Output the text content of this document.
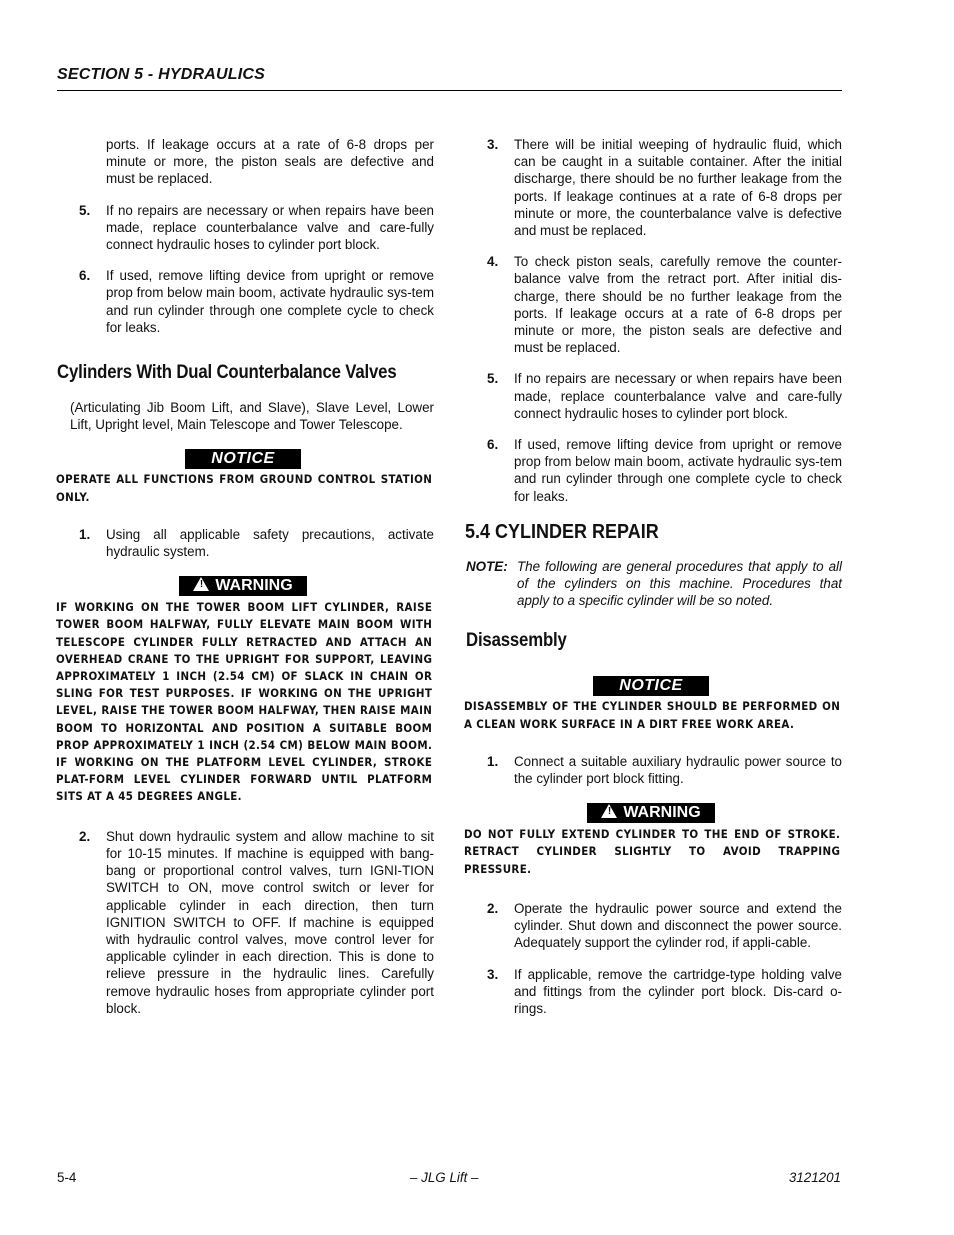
SECTION 5 - HYDRAULICS

ports. If leakage occurs at a rate of 6-8 drops per minute or more, the piston seals are defective and must be replaced.

5.	If no repairs are necessary or when repairs have been made, replace counterbalance valve and care-fully connect hydraulic hoses to cylinder port block.

6.	If used, remove lifting device from upright or remove prop from below main boom, activate hydraulic sys-tem and run cylinder through one complete cycle to check for leaks.

Cylinders With Dual Counterbalance Valves

(Articulating Jib Boom Lift, and Slave), Slave Level, Lower Lift, Upright level, Main Telescope and Tower Telescope.

NOTICE

OPERATE ALL FUNCTIONS FROM GROUND CONTROL STATION ONLY.

1.	Using all applicable safety precautions, activate hydraulic system.

! WARNING

IF WORKING ON THE TOWER BOOM LIFT CYLINDER, RAISE TOWER BOOM HALFWAY, FULLY ELEVATE MAIN BOOM WITH TELESCOPE CYLINDER FULLY RETRACTED AND ATTACH AN OVERHEAD CRANE TO THE UPRIGHT FOR SUPPORT, LEAVING APPROXIMATELY 1 INCH (2.54 CM) OF SLACK IN CHAIN OR SLING FOR TEST PURPOSES. IF WORKING ON THE UPRIGHT LEVEL, RAISE THE TOWER BOOM HALFWAY, THEN RAISE MAIN BOOM TO HORIZONTAL AND POSITION A SUITABLE BOOM PROP APPROXIMATELY 1 INCH (2.54 CM) BELOW MAIN BOOM. IF WORKING ON THE PLATFORM LEVEL CYLINDER, STROKE PLAT-FORM LEVEL CYLINDER FORWARD UNTIL PLATFORM SITS AT A 45 DEGREES ANGLE.

2.	Shut down hydraulic system and allow machine to sit for 10-15 minutes. If machine is equipped with bang-bang or proportional control valves, turn IGNI-TION SWITCH to ON, move control switch or lever for applicable cylinder in each direction, then turn IGNITION SWITCH to OFF. If machine is equipped with hydraulic control valves, move control lever for applicable cylinder in each direction. This is done to relieve pressure in the hydraulic lines. Carefully remove hydraulic hoses from appropriate cylinder port block.

3.	There will be initial weeping of hydraulic fluid, which can be caught in a suitable container. After the initial discharge, there should be no further leakage from the ports. If leakage continues at a rate of 6-8 drops per minute or more, the counterbalance valve is defective and must be replaced.

4.	To check piston seals, carefully remove the counter-balance valve from the retract port. After initial dis-charge, there should be no further leakage from the ports. If leakage occurs at a rate of 6-8 drops per minute or more, the piston seals are defective and must be replaced.

5.	If no repairs are necessary or when repairs have been made, replace counterbalance valve and care-fully connect hydraulic hoses to cylinder port block.

6.	If used, remove lifting device from upright or remove prop from below main boom, activate hydraulic sys-tem and run cylinder through one complete cycle to check for leaks.

5.4 CYLINDER REPAIR
NOTE: The following are general procedures that apply to all of the cylinders on this machine. Procedures that apply to a specific cylinder will be so noted.
Disassembly
NOTICE

DISASSEMBLY OF THE CYLINDER SHOULD BE PERFORMED ON A CLEAN WORK SURFACE IN A DIRT FREE WORK AREA.

1.	Connect a suitable auxiliary hydraulic power source to the cylinder port block fitting.

! WARNING

DO NOT FULLY EXTEND CYLINDER TO THE END OF STROKE. RETRACT CYLINDER SLIGHTLY TO AVOID TRAPPING PRESSURE.

2.	Operate the hydraulic power source and extend the cylinder. Shut down and disconnect the power source. Adequately support the cylinder rod, if appli-cable.

3.	If applicable, remove the cartridge-type holding valve and fittings from the cylinder port block. Dis-card o-rings.

5-4	– JLG Lift –	3121201
